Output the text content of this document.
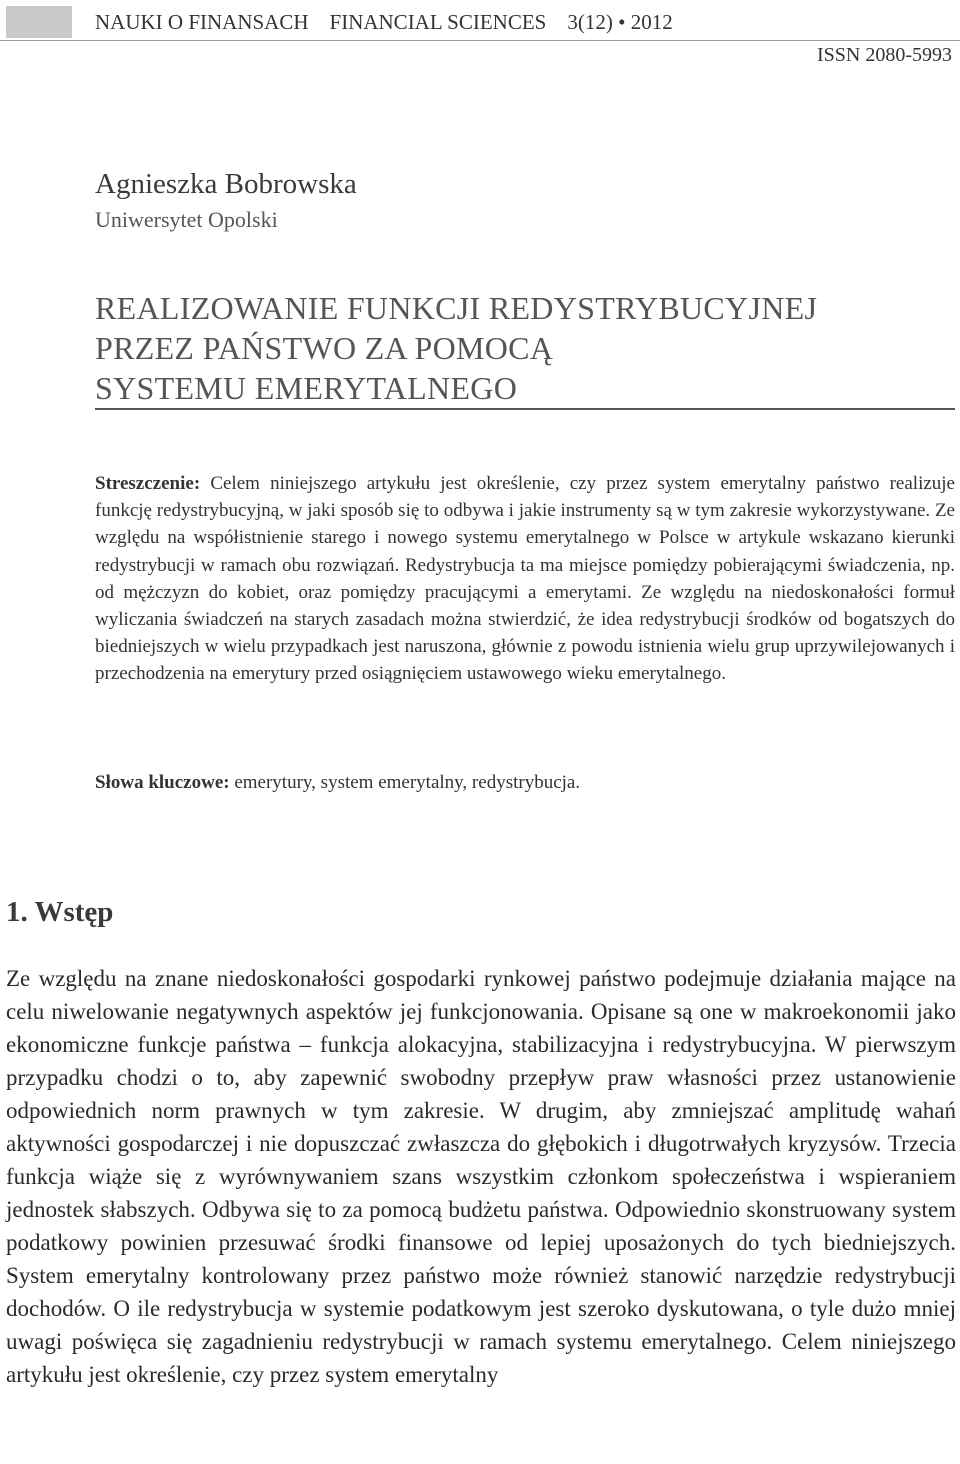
NAUKI O FINANSACH FINANCIAL SCIENCES 3(12) • 2012
ISSN 2080-5993
Agnieszka Bobrowska
Uniwersytet Opolski
REALIZOWANIE FUNKCJI REDYSTRYBUCYJNEJ
PRZEZ PAŃSTWO ZA POMOCĄ
SYSTEMU EMERYTALNEGO
Streszczenie: Celem niniejszego artykułu jest określenie, czy przez system emerytalny państwo realizuje funkcję redystrybucyjną, w jaki sposób się to odbywa i jakie instrumenty są w tym zakresie wykorzystywane. Ze względu na współistnienie starego i nowego systemu emerytalnego w Polsce w artykule wskazano kierunki redystrybucji w ramach obu rozwiązań. Redystrybucja ta ma miejsce pomiędzy pobierającymi świadczenia, np. od mężczyzn do kobiet, oraz pomiędzy pracującymi a emerytami. Ze względu na niedoskonałości formuł wyliczania świadczeń na starych zasadach można stwierdzić, że idea redystrybucji środków od bogatszych do biedniejszych w wielu przypadkach jest naruszona, głównie z powodu istnienia wielu grup uprzywilejowanych i przechodzenia na emerytury przed osiągnięciem ustawowego wieku emerytalnego.
Słowa kluczowe: emerytury, system emerytalny, redystrybucja.
1. Wstęp
Ze względu na znane niedoskonałości gospodarki rynkowej państwo podejmuje działania mające na celu niwelowanie negatywnych aspektów jej funkcjonowania. Opisane są one w makroekonomii jako ekonomiczne funkcje państwa – funkcja alokacyjna, stabilizacyjna i redystrybucyjna. W pierwszym przypadku chodzi o to, aby zapewnić swobodny przepływ praw własności przez ustanowienie odpowiednich norm prawnych w tym zakresie. W drugim, aby zmniejszać amplitudę wahań aktywności gospodarczej i nie dopuszczać zwłaszcza do głębokich i długotrwałych kryzysów. Trzecia funkcja wiąże się z wyrównywaniem szans wszystkim członkom społeczeństwa i wspieraniem jednostek słabszych. Odbywa się to za pomocą budżetu państwa. Odpowiednio skonstruowany system podatkowy powinien przesuwać środki finansowe od lepiej uposażonych do tych biedniejszych. System emerytalny kontrolowany przez państwo może również stanowić narzędzie redystrybucji dochodów. O ile redystrybucja w systemie podatkowym jest szeroko dyskutowana, o tyle dużo mniej uwagi poświęca się zagadnieniu redystrybucji w ramach systemu emerytalnego. Celem niniejszego artykułu jest określenie, czy przez system emerytalny
